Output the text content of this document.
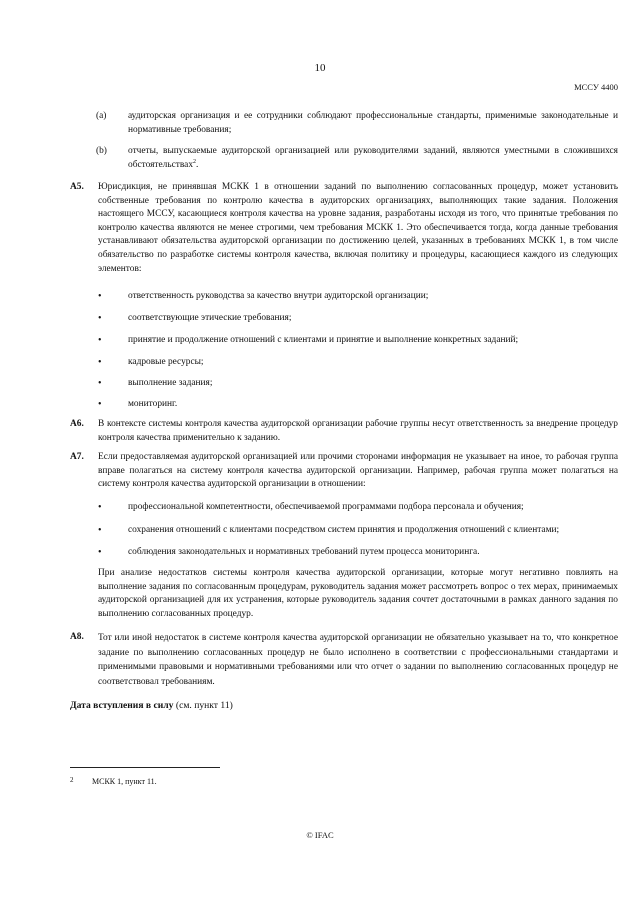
10
МССУ 4400
(a) аудиторская организация и ее сотрудники соблюдают профессиональные стандарты, применимые законодательные и нормативные требования;
(b) отчеты, выпускаемые аудиторской организацией или руководителями заданий, являются уместными в сложившихся обстоятельствах$^2$.
A5. Юрисдикция, не принявшая МСКК 1 в отношении заданий по выполнению согласованных процедур, может установить собственные требования по контролю качества в аудиторских организациях, выполняющих такие задания. Положения настоящего МССУ, касающиеся контроля качества на уровне задания, разработаны исходя из того, что принятые требования по контролю качества являются не менее строгими, чем требования МСКК 1. Это обеспечивается тогда, когда данные требования устанавливают обязательства аудиторской организации по достижению целей, указанных в требованиях МСКК 1, в том числе обязательство по разработке системы контроля качества, включая политику и процедуры, касающиеся каждого из следующих элементов:
•	ответственность руководства за качество внутри аудиторской организации;
•	соответствующие этические требования;
•	принятие и продолжение отношений с клиентами и принятие и выполнение конкретных заданий;
•	кадровые ресурсы;
•	выполнение задания;
•	мониторинг.
A6. В контексте системы контроля качества аудиторской организации рабочие группы несут ответственность за внедрение процедур контроля качества применительно к заданию.
A7. Если предоставляемая аудиторской организацией или прочими сторонами информация не указывает на иное, то рабочая группа вправе полагаться на систему контроля качества аудиторской организации. Например, рабочая группа может полагаться на систему контроля качества аудиторской организации в отношении:
•	профессиональной компетентности, обеспечиваемой программами подбора персонала и обучения;
•	сохранения отношений с клиентами посредством систем принятия и продолжения отношений с клиентами;
•	соблюдения законодательных и нормативных требований путем процесса мониторинга.
При анализе недостатков системы контроля качества аудиторской организации, которые могут негативно повлиять на выполнение задания по согласованным процедурам, руководитель задания может рассмотреть вопрос о тех мерах, принимаемых аудиторской организацией для их устранения, которые руководитель задания сочтет достаточными в рамках данного задания по выполнению согласованных процедур.
A8. Тот или иной недостаток в системе контроля качества аудиторской организации не обязательно указывает на то, что конкретное задание по выполнению согласованных процедур не было исполнено в соответствии с профессиональными стандартами и применимыми правовыми и нормативными требованиями или что отчет о задании по выполнению согласованных процедур не соответствовал требованиям.
Дата вступления в силу (см. пункт 11)
2 МСКК 1, пункт 11.
© IFAC
